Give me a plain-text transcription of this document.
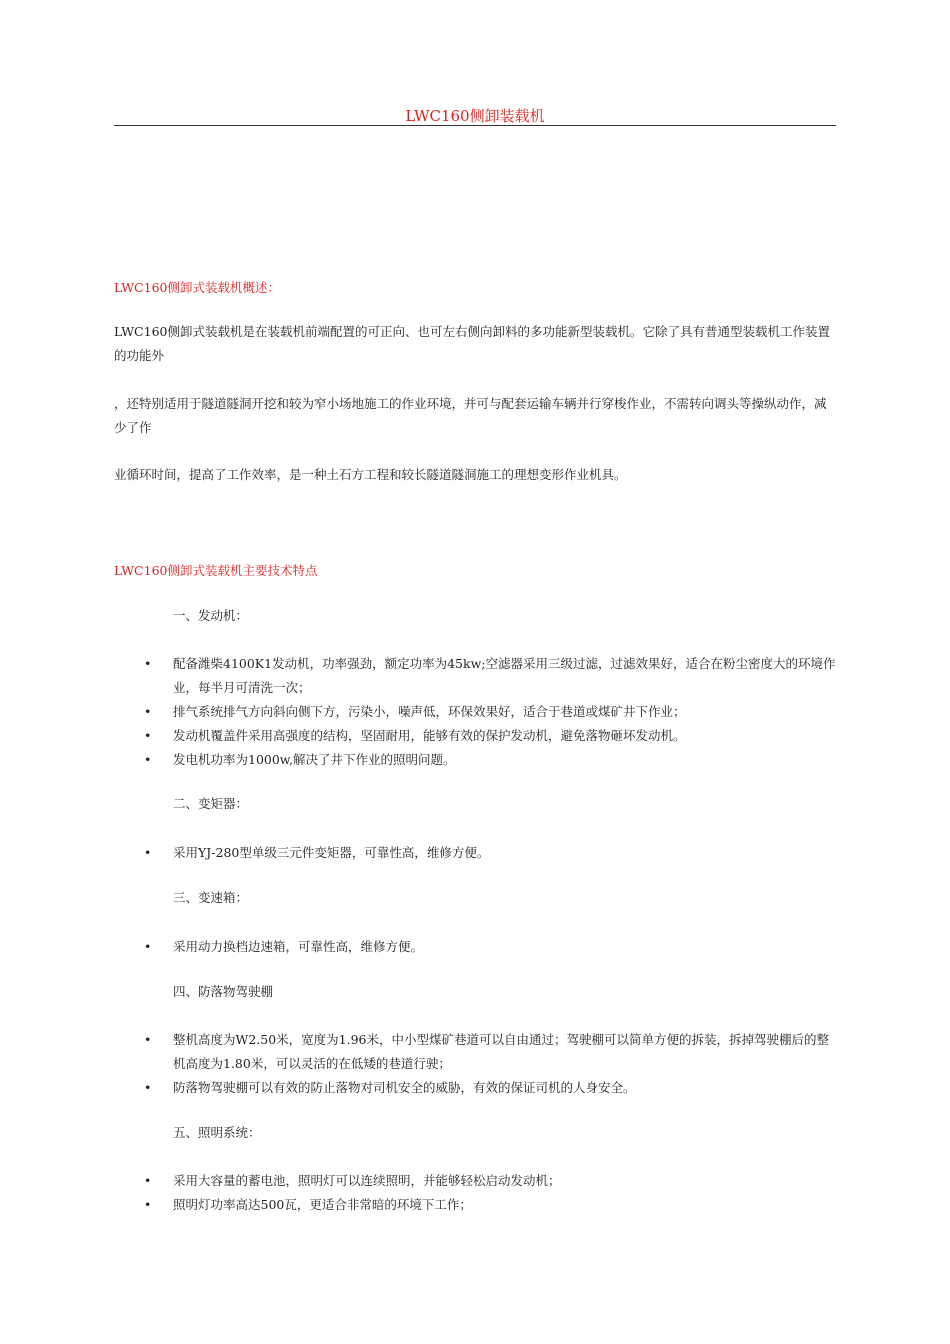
LWC160侧卸装载机
LWC160侧卸式装载机概述：
LWC160侧卸式装载机是在装载机前端配置的可正向、也可左右侧向卸料的多功能新型装载机。它除了具有普通型装载机工作装置的功能外
，还特别适用于隧道隧洞开挖和较为窄小场地施工的作业环境，并可与配套运输车辆并行穿梭作业，不需转向调头等操纵动作，减少了作
业循环时间，提高了工作效率，是一种土石方工程和较长隧道隧洞施工的理想变形作业机具。
LWC160侧卸式装载机主要技术特点
一、发动机：
• 配备潍柴4100K1发动机，功率强劲，额定功率为45kw;空滤器采用三级过滤，过滤效果好，适合在粉尘密度大的环境作业，每半月可清洗一次；
• 排气系统排气方向斜向侧下方，污染小，噪声低，环保效果好，适合于巷道或煤矿井下作业；
• 发动机覆盖件采用高强度的结构，坚固耐用，能够有效的保护发动机，避免落物砸坏发动机。
• 发电机功率为1000w,解决了井下作业的照明问题。
二、变矩器：
• 采用YJ-280型单级三元件变矩器，可靠性高，维修方便。
三、变速箱：
• 采用动力换档边速箱，可靠性高，维修方便。
四、防落物驾驶棚
• 整机高度为W2.50米，宽度为1.96米，中小型煤矿巷道可以自由通过；驾驶棚可以简单方便的拆装，拆掉驾驶棚后的整机高度为1.80米，可以灵活的在低矮的巷道行驶；
• 防落物驾驶棚可以有效的防止落物对司机安全的威胁，有效的保证司机的人身安全。
五、照明系统：
• 采用大容量的蓄电池，照明灯可以连续照明，并能够轻松启动发动机；
• 照明灯功率高达500瓦，更适合非常暗的环境下工作；
